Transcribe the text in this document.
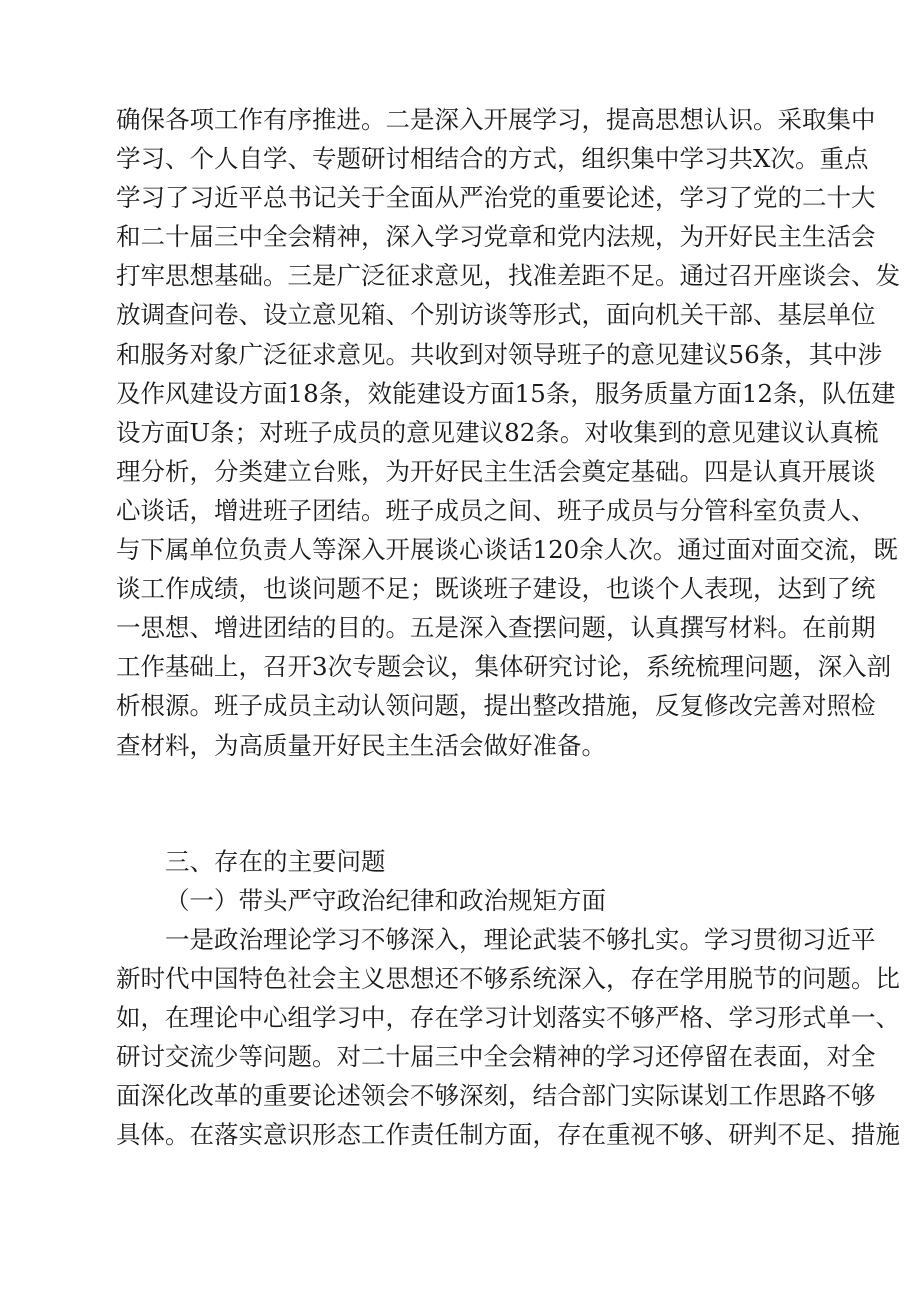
确保各项工作有序推进。二是深入开展学习，提高思想认识。采取集中
学习、个人自学、专题研讨相结合的方式，组织集中学习共X次。重点
学习了习近平总书记关于全面从严治党的重要论述，学习了党的二十大
和二十届三中全会精神，深入学习党章和党内法规，为开好民主生活会
打牢思想基础。三是广泛征求意见，找准差距不足。通过召开座谈会、发
放调查问卷、设立意见箱、个别访谈等形式，面向机关干部、基层单位
和服务对象广泛征求意见。共收到对领导班子的意见建议56条，其中涉
及作风建设方面18条，效能建设方面15条，服务质量方面12条，队伍建
设方面U条；对班子成员的意见建议82条。对收集到的意见建议认真梳
理分析，分类建立台账，为开好民主生活会奠定基础。四是认真开展谈
心谈话，增进班子团结。班子成员之间、班子成员与分管科室负责人、
与下属单位负责人等深入开展谈心谈话120余人次。通过面对面交流，既
谈工作成绩，也谈问题不足；既谈班子建设，也谈个人表现，达到了统
一思想、增进团结的目的。五是深入查摆问题，认真撰写材料。在前期
工作基础上，召开3次专题会议，集体研究讨论，系统梳理问题，深入剖
析根源。班子成员主动认领问题，提出整改措施，反复修改完善对照检
查材料，为高质量开好民主生活会做好准备。
三、存在的主要问题
（一）带头严守政治纪律和政治规矩方面
一是政治理论学习不够深入，理论武装不够扎实。学习贯彻习近平
新时代中国特色社会主义思想还不够系统深入，存在学用脱节的问题。比
如，在理论中心组学习中，存在学习计划落实不够严格、学习形式单一、
研讨交流少等问题。对二十届三中全会精神的学习还停留在表面，对全
面深化改革的重要论述领会不够深刻，结合部门实际谋划工作思路不够
具体。在落实意识形态工作责任制方面，存在重视不够、研判不足、措施
